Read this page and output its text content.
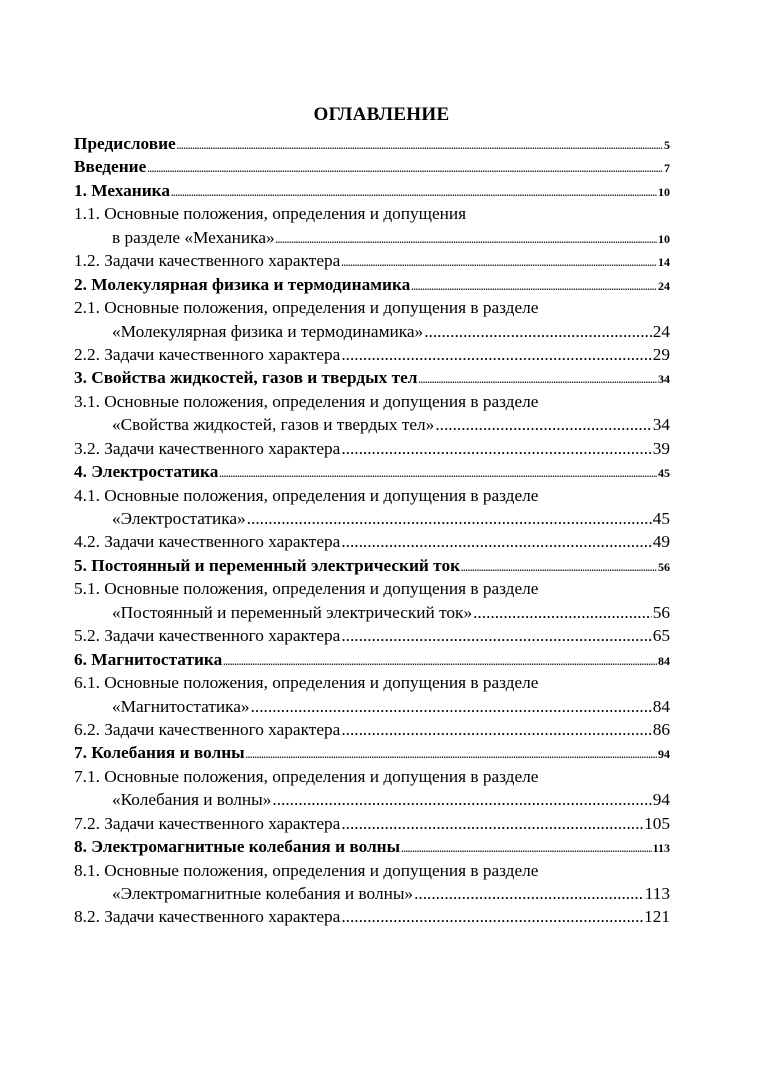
ОГЛАВЛЕНИЕ
Предисловие .....	5
Введение .....	7
1. Механика .....	10
1.1. Основные положения, определения и допущения
в разделе «Механика» .....	10
1.2. Задачи качественного характера .....	14
2. Молекулярная физика и термодинамика .....	24
2.1. Основные положения, определения и допущения в разделе
«Молекулярная физика и термодинамика» .....	24
2.2. Задачи качественного характера .....	29
3. Свойства жидкостей, газов и твердых тел .....	34
3.1. Основные положения, определения и допущения в разделе
«Свойства жидкостей, газов и твердых тел» .....	34
3.2. Задачи качественного характера .....	39
4. Электростатика .....	45
4.1. Основные положения, определения и допущения в разделе
«Электростатика» .....	45
4.2. Задачи качественного характера .....	49
5. Постоянный и переменный электрический ток .....	56
5.1. Основные положения, определения и допущения в разделе
«Постоянный и переменный электрический ток» .....	56
5.2. Задачи качественного характера .....	65
6. Магнитостатика .....	84
6.1. Основные положения, определения и допущения в разделе
«Магнитостатика» .....	84
6.2. Задачи качественного характера .....	86
7. Колебания и волны .....	94
7.1. Основные положения, определения и допущения в разделе
«Колебания и волны» .....	94
7.2. Задачи качественного характера .....	105
8. Электромагнитные колебания и волны .....	113
8.1. Основные положения, определения и допущения в разделе
«Электромагнитные колебания и волны» .....	113
8.2. Задачи качественного характера .....	121
